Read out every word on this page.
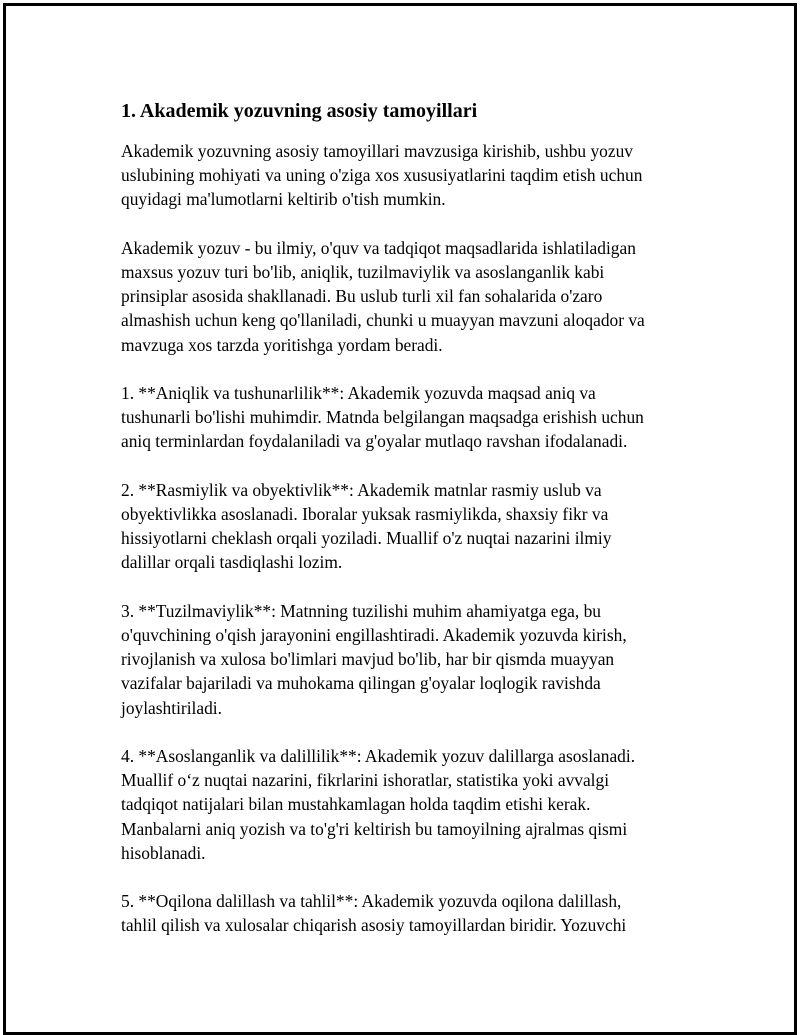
1. Akademik yozuvning asosiy tamoyillari

Akademik yozuvning asosiy tamoyillari mavzusiga kirishib, ushbu yozuv
uslubining mohiyati va uning o'ziga xos xususiyatlarini taqdim etish uchun
quyidagi ma'lumotlarni keltirib o'tish mumkin.

Akademik yozuv - bu ilmiy, o'quv va tadqiqot maqsadlarida ishlatiladigan
maxsus yozuv turi bo'lib, aniqlik, tuzilmaviylik va asoslanganlik kabi
prinsiplar asosida shakllanadi. Bu uslub turli xil fan sohalarida o'zaro
almashish uchun keng qo'llaniladi, chunki u muayyan mavzuni aloqador va
mavzuga xos tarzda yoritishga yordam beradi.

1. **Aniqlik va tushunarlilik**: Akademik yozuvda maqsad aniq va
tushunarli bo'lishi muhimdir. Matnda belgilangan maqsadga erishish uchun
aniq terminlardan foydalaniladi va g'oyalar mutlaqo ravshan ifodalanadi.

2. **Rasmiylik va obyektivlik**: Akademik matnlar rasmiy uslub va
obyektivlikka asoslanadi. Iboralar yuksak rasmiylikda, shaxsiy fikr va
hissiyotlarni cheklash orqali yoziladi. Muallif o'z nuqtai nazarini ilmiy
dalillar orqali tasdiqlashi lozim.

3. **Tuzilmaviylik**: Matnning tuzilishi muhim ahamiyatga ega, bu
o'quvchining o'qish jarayonini engillashtiradi. Akademik yozuvda kirish,
rivojlanish va xulosa bo'limlari mavjud bo'lib, har bir qismda muayyan
vazifalar bajariladi va muhokama qilingan g'oyalar loqlogik ravishda
joylashtiriladi.

4. **Asoslanganlik va dalillilik**: Akademik yozuv dalillarga asoslanadi.
Muallif o‘z nuqtai nazarini, fikrlarini ishoratlar, statistika yoki avvalgi
tadqiqot natijalari bilan mustahkamlagan holda taqdim etishi kerak.
Manbalarni aniq yozish va to'g'ri keltirish bu tamoyilning ajralmas qismi
hisoblanadi.

5. **Oqilona dalillash va tahlil**: Akademik yozuvda oqilona dalillash,
tahlil qilish va xulosalar chiqarish asosiy tamoyillardan biridir. Yozuvchi
